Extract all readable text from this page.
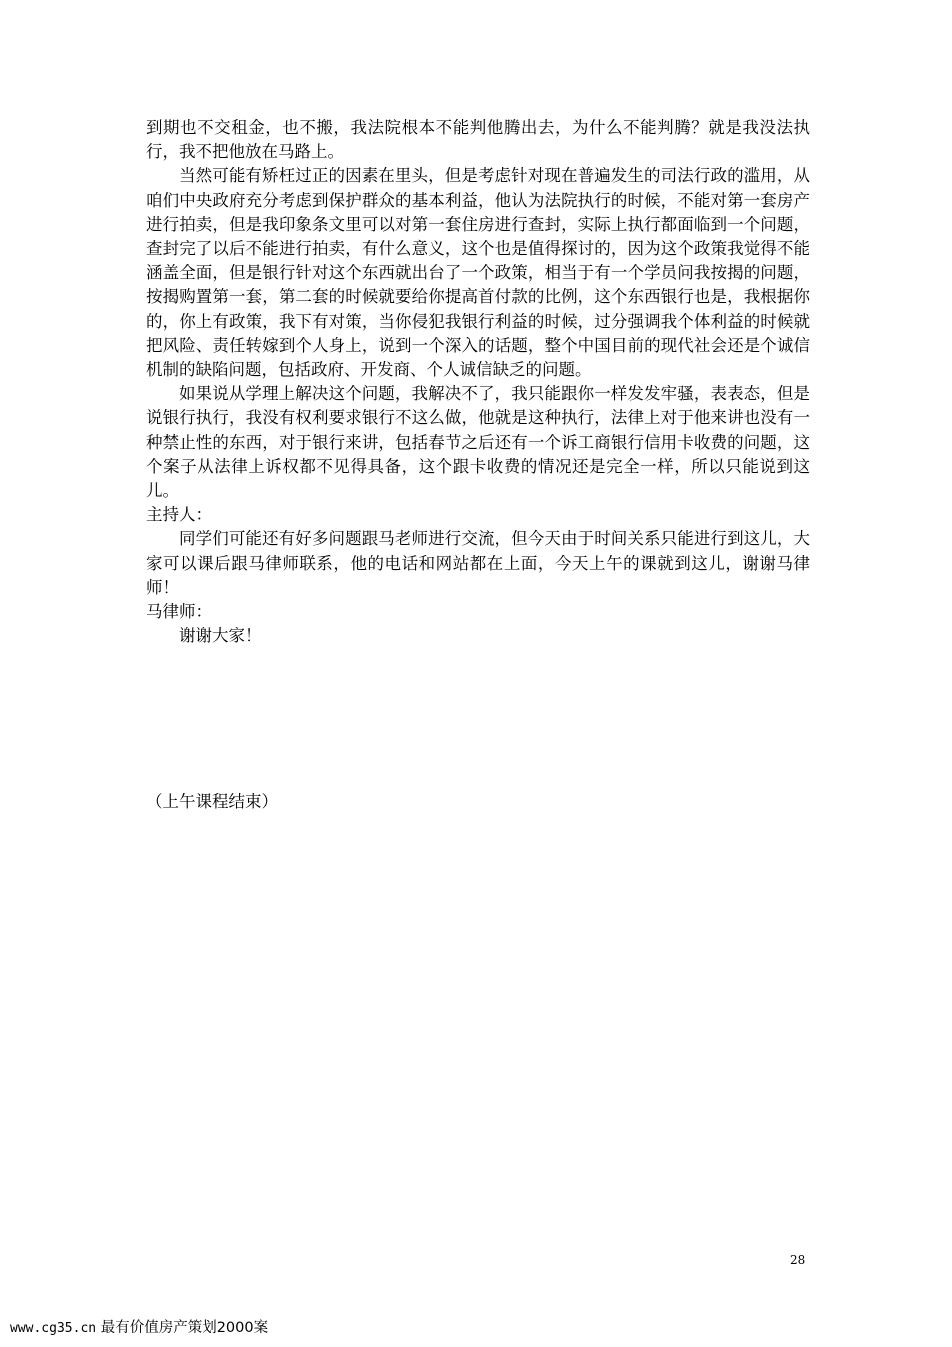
到期也不交租金，也不搬，我法院根本不能判他腾出去，为什么不能判腾？就是我没法执行，我不把他放在马路上。

当然可能有矫枉过正的因素在里头，但是考虑针对现在普遍发生的司法行政的滥用，从咱们中央政府充分考虑到保护群众的基本利益，他认为法院执行的时候，不能对第一套房产进行拍卖，但是我印象条文里可以对第一套住房进行查封，实际上执行都面临到一个问题，查封完了以后不能进行拍卖，有什么意义，这个也是值得探讨的，因为这个政策我觉得不能涵盖全面，但是银行针对这个东西就出台了一个政策，相当于有一个学员问我按揭的问题，按揭购置第一套，第二套的时候就要给你提高首付款的比例，这个东西银行也是，我根据你的，你上有政策，我下有对策，当你侵犯我银行利益的时候，过分强调我个体利益的时候就把风险、责任转嫁到个人身上，说到一个深入的话题，整个中国目前的现代社会还是个诚信机制的缺陷问题，包括政府、开发商、个人诚信缺乏的问题。

如果说从学理上解决这个问题，我解决不了，我只能跟你一样发发牢骚，表表态，但是说银行执行，我没有权利要求银行不这么做，他就是这种执行，法律上对于他来讲也没有一种禁止性的东西，对于银行来讲，包括春节之后还有一个诉工商银行信用卡收费的问题，这个案子从法律上诉权都不见得具备，这个跟卡收费的情况还是完全一样，所以只能说到这儿。

主持人：

同学们可能还有好多问题跟马老师进行交流，但今天由于时间关系只能进行到这儿，大家可以课后跟马律师联系，他的电话和网站都在上面，今天上午的课就到这儿，谢谢马律师！

马律师：

谢谢大家！

（上午课程结束）
28
www.cg35.cn 最有价值房产策划2000案
